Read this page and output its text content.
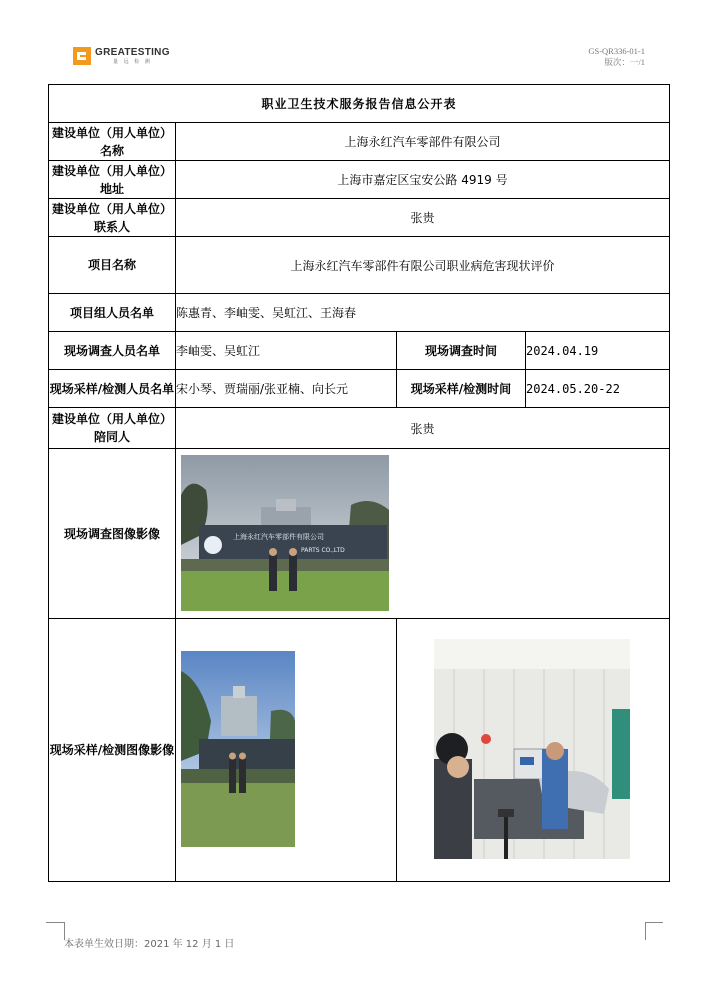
GREATESTING
量 远 检 测
GS-QR336-01-1
版次：一/1
职业卫生技术服务报告信息公开表			
建设单位（用人单位）名称	上海永红汽车零部件有限公司		
建设单位（用人单位）地址	上海市嘉定区宝安公路 4919 号		
建设单位（用人单位）联系人	张贵		
项目名称	上海永红汽车零部件有限公司职业病危害现状评价		
项目组人员名单	陈惠青、李岫雯、吴虹江、王海春		
现场调查人员名单	李岫雯、吴虹江	现场调查时间	2024.04.19
现场采样/检测人员名单	宋小琴、贾瑞丽/张亚楠、向长元	现场采样/检测时间	2024.05.20-22
建设单位（用人单位）陪同人	张贵		
现场调查图像影像	上海永红汽车零部件有限公司
PARTS CO.,LTD		

现场采样/检测图像影像	

本表单生效日期：2021 年 12 月 1 日
